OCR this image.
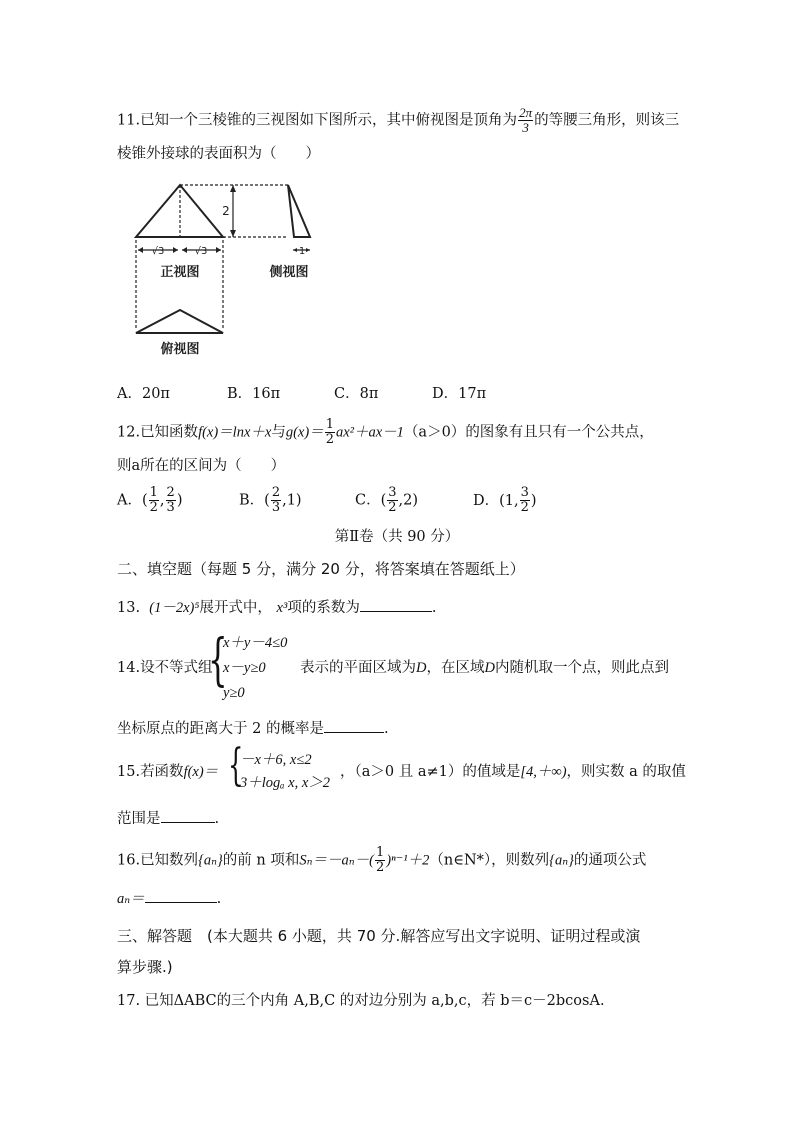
11.已知一个三棱锥的三视图如下图所示，其中俯视图是顶角为 $\frac{2\pi}{3}$ 的等腰三角形，则该三
棱锥外接球的表面积为（　　）
2
√3	√3	1
正视图	侧视图
俯视图
A．20π	B．16π	C．8π	D．17π
12.已知函数f(x)＝lnx＋x与$g(x)= \frac{1}{2} ax^2+ax-1(a>0)$的图象有且只有一个公共点，
则a所在的区间为（　　）
A．( $\frac{1}{2}$ , $\frac{2}{3}$ )	B．( $\frac{2}{3} ,1$)	C．( $\frac{3}{2} ,2$)	D．(1, $\frac{3}{2}$ )
第Ⅱ卷（共 90 分）
二、填空题（每题 5 分，满分 20 分，将答案填在答题纸上）
13. (1－2x)⁵展开式中， x³项的系数为	.
14.设不等式组
{
x＋y－4≤0
x－y≥0
y≥0
表示的平面区域为D，在区域D内随机取一个点，则此点到
坐标原点的距离大于 2 的概率是	.
15.若函数f(x)＝ {
－x＋6, x≤2
3＋logₐ x, x＞2
，（a＞0 且 a≠1）的值域是[4,＋∞)，则实数 a 的取值
范围是	.
16.已知数列{aₙ}的前 n 项和$S_n=-a_n-( \frac{1}{2}$ )ⁿ⁻¹＋2（n∈N*），则数列{aₙ}的通项公式
aₙ＝	.
三、解答题　(本大题共 6 小题，共 70 分.解答应写出文字说明、证明过程或演
算步骤.)
17. 已知ΔABC的三个内角 A,B,C 的对边分别为 a,b,c，若 b＝c－2bcosA.
